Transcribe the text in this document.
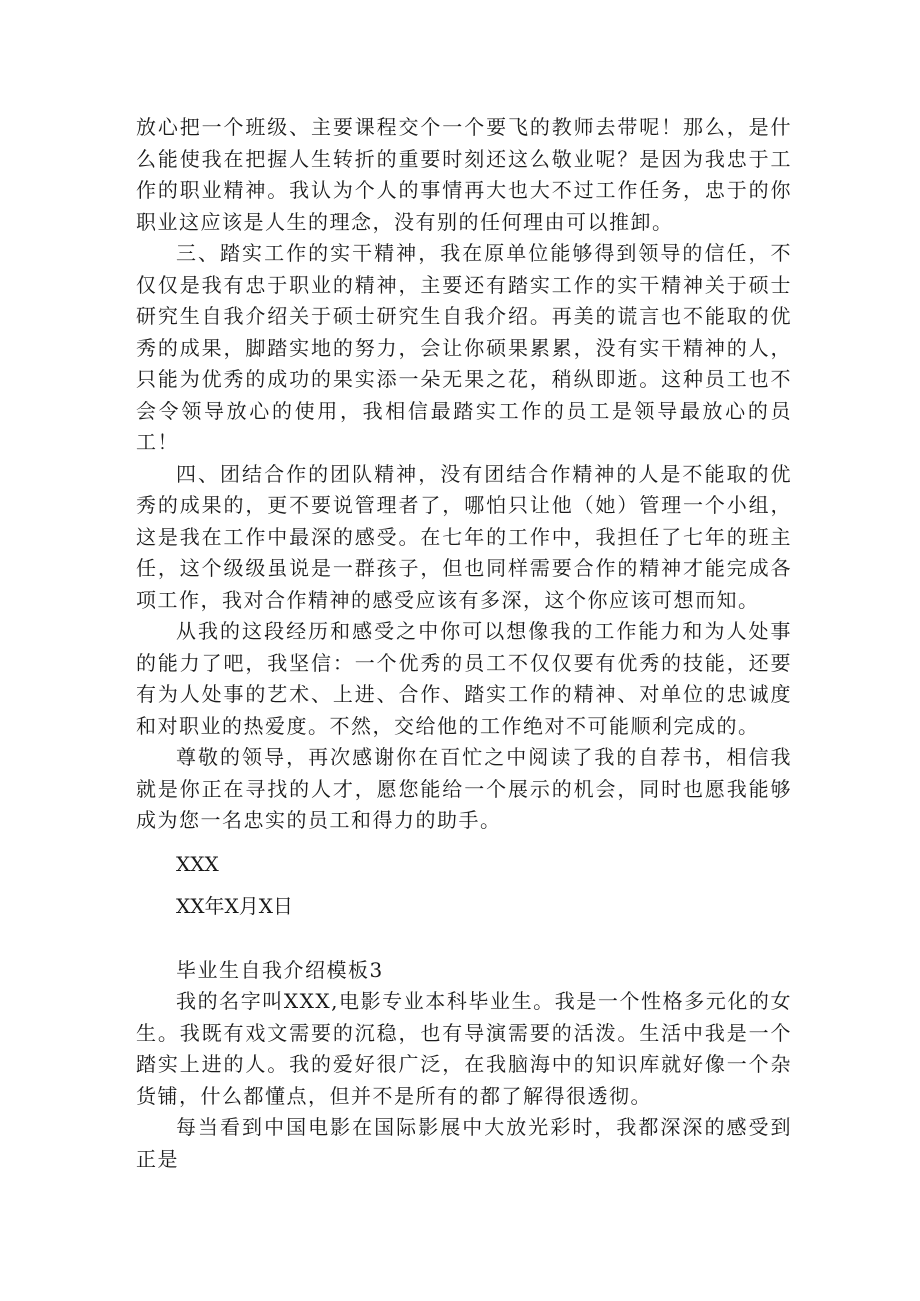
放心把一个班级、主要课程交个一个要飞的教师去带呢！那么，是什么能使我在把握人生转折的重要时刻还这么敬业呢？是因为我忠于工作的职业精神。我认为个人的事情再大也大不过工作任务，忠于的你职业这应该是人生的理念，没有别的任何理由可以推卸。

三、踏实工作的实干精神，我在原单位能够得到领导的信任，不仅仅是我有忠于职业的精神，主要还有踏实工作的实干精神关于硕士研究生自我介绍关于硕士研究生自我介绍。再美的谎言也不能取的优秀的成果，脚踏实地的努力，会让你硕果累累，没有实干精神的人，只能为优秀的成功的果实添一朵无果之花，稍纵即逝。这种员工也不会令领导放心的使用，我相信最踏实工作的员工是领导最放心的员工！

四、团结合作的团队精神，没有团结合作精神的人是不能取的优秀的成果的，更不要说管理者了，哪怕只让他（她）管理一个小组，这是我在工作中最深的感受。在七年的工作中，我担任了七年的班主任，这个级级虽说是一群孩子，但也同样需要合作的精神才能完成各项工作，我对合作精神的感受应该有多深，这个你应该可想而知。

从我的这段经历和感受之中你可以想像我的工作能力和为人处事的能力了吧，我坚信：一个优秀的员工不仅仅要有优秀的技能，还要有为人处事的艺术、上进、合作、踏实工作的精神、对单位的忠诚度和对职业的热爱度。不然，交给他的工作绝对不可能顺利完成的。

尊敬的领导，再次感谢你在百忙之中阅读了我的自荐书，相信我就是你正在寻找的人才，愿您能给一个展示的机会，同时也愿我能够成为您一名忠实的员工和得力的助手。

XXX

XX年X月X日

毕业生自我介绍模板3

我的名字叫XXX,电影专业本科毕业生。我是一个性格多元化的女生。我既有戏文需要的沉稳，也有导演需要的活泼。生活中我是一个踏实上进的人。我的爱好很广泛，在我脑海中的知识库就好像一个杂货铺，什么都懂点，但并不是所有的都了解得很透彻。

每当看到中国电影在国际影展中大放光彩时，我都深深的感受到正是
